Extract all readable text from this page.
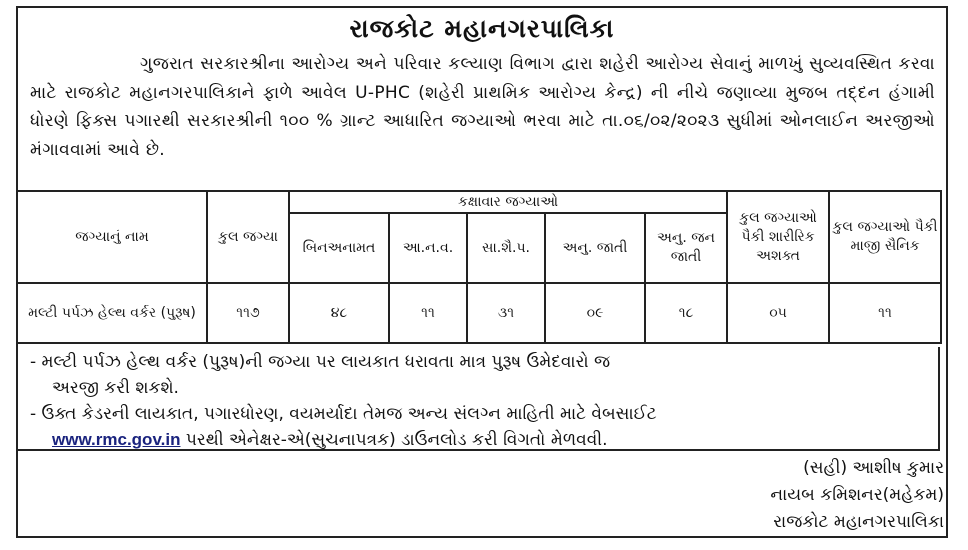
રાજકોટ મહાનગરપાલિકા
ગુજરાત સરકારશ્રીના આરોગ્ય અને પરિવાર કલ્યાણ વિભાગ દ્વારા શહેરી આરોગ્ય સેવાનું માળખું સુવ્યવસ્થિત કરવા માટે રાજકોટ મહાનગરપાલિકાને ફાળે આવેલ U-PHC (શહેરી પ્રાથમિક આરોગ્ય કેન્દ્ર) ની નીચે જણાવ્યા મુજબ તદ્દન હંગામી ધોરણે ફિક્સ પગારથી સરકારશ્રીની ૧૦૦ % ગ્રાન્ટ આધારિત જગ્યાઓ ભરવા માટે તા.૦૬/૦૨/૨૦૨૩ સુધીમાં ઓનલાઈન અરજીઓ મંગાવવામાં આવે છે.
જગ્યાનું નામ	કુલ જગ્યા	કક્ષાવાર જગ્યાઓ					કુલ જગ્યાઓ પૈકી શારીરિક અશક્ત	કુલ જગ્યાઓ પૈકી માજી સૈનિક
		બિનઅનામત	આ.ન.વ.	સા.શૈ.પ.	અનુ. જાતી	અનુ. જન જાતી		
મલ્ટી પર્પઝ હેલ્થ વર્કર (પુરૂષ)	૧૧૭	૪૮	૧૧	૩૧	૦૯	૧૮	૦૫	૧૧

- મલ્ટી પર્પઝ હેલ્થ વર્કર (પુરૂષ)ની જગ્યા પર લાયકાત ધરાવતા માત્ર પુરૂષ ઉમેદવારો જ
અરજી કરી શકશે.

- ઉક્ત કેડરની લાયકાત, પગારધોરણ, વયમર્યાદા તેમજ અન્ય સંલગ્ન માહિતી માટે વેબસાઈટ
www.rmc.gov.in પરથી એનેક્ષર-એ(સુચનાપત્રક) ડાઉનલોડ કરી વિગતો મેળવવી.

(સહી) આશીષ કુમાર
નાયબ કમિશનર(મહેકમ)
રાજકોટ મહાનગરપાલિકા
